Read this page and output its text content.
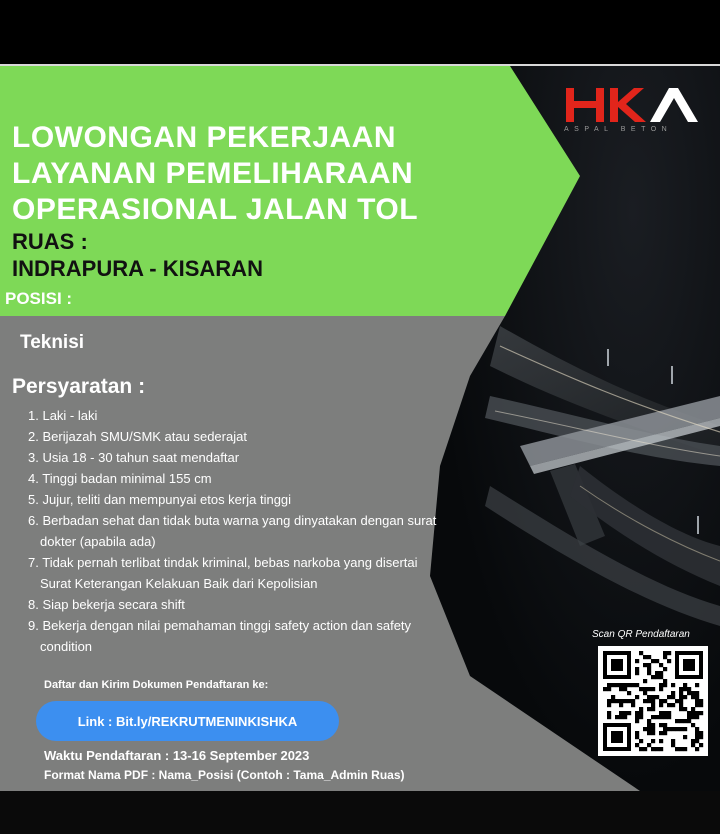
ASPAL BETON
LOWONGAN PEKERJAAN
LAYANAN PEMELIHARAAN
OPERASIONAL JALAN TOL
RUAS :
INDRAPURA - KISARAN
POSISI :
Teknisi
Persyaratan :
1. Laki - laki
2. Berijazah SMU/SMK atau sederajat
3. Usia 18 - 30 tahun saat mendaftar
4. Tinggi badan minimal 155 cm
5. Jujur, teliti dan mempunyai etos kerja tinggi
6. Berbadan sehat dan tidak buta warna yang dinyatakan dengan surat
dokter (apabila ada)
7. Tidak pernah terlibat tindak kriminal, bebas narkoba yang disertai
Surat Keterangan Kelakuan Baik dari Kepolisian
8. Siap bekerja secara shift
9. Bekerja dengan nilai pemahaman tinggi safety action dan safety
condition
Daftar dan Kirim Dokumen Pendaftaran ke:
Link : Bit.ly/REKRUTMENINKISHKA
Waktu Pendaftaran : 13-16 September 2023
Format Nama PDF : Nama_Posisi (Contoh : Tama_Admin Ruas)
Scan QR Pendaftaran
